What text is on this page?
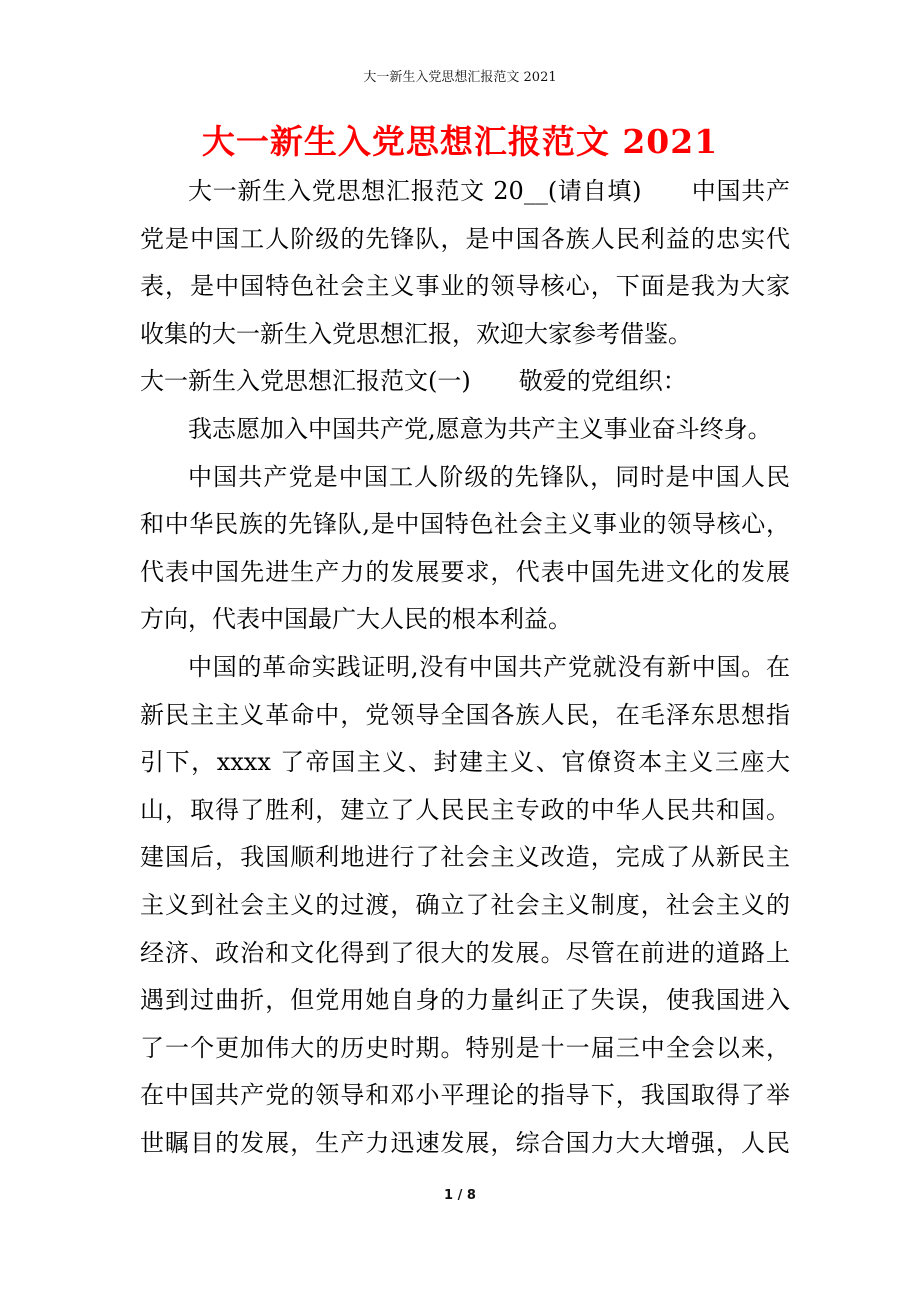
大一新生入党思想汇报范文 2021
大一新生入党思想汇报范文 2021
大一新生入党思想汇报范文 20__(请自填)　　中国共产
党是中国工人阶级的先锋队，是中国各族人民利益的忠实代
表，是中国特色社会主义事业的领导核心，下面是我为大家
收集的大一新生入党思想汇报，欢迎大家参考借鉴。
大一新生入党思想汇报范文(一)　　敬爱的党组织：
我志愿加入中国共产党,愿意为共产主义事业奋斗终身。
中国共产党是中国工人阶级的先锋队，同时是中国人民
和中华民族的先锋队,是中国特色社会主义事业的领导核心，
代表中国先进生产力的发展要求，代表中国先进文化的发展
方向，代表中国最广大人民的根本利益。
中国的革命实践证明,没有中国共产党就没有新中国。在
新民主主义革命中，党领导全国各族人民，在毛泽东思想指
引下，xxxx 了帝国主义、封建主义、官僚资本主义三座大
山，取得了胜利，建立了人民民主专政的中华人民共和国。
建国后，我国顺利地进行了社会主义改造，完成了从新民主
主义到社会主义的过渡，确立了社会主义制度，社会主义的
经济、政治和文化得到了很大的发展。尽管在前进的道路上
遇到过曲折，但党用她自身的力量纠正了失误，使我国进入
了一个更加伟大的历史时期。特别是十一届三中全会以来，
在中国共产党的领导和邓小平理论的指导下，我国取得了举
世瞩目的发展，生产力迅速发展，综合国力大大增强，人民
1 / 8
